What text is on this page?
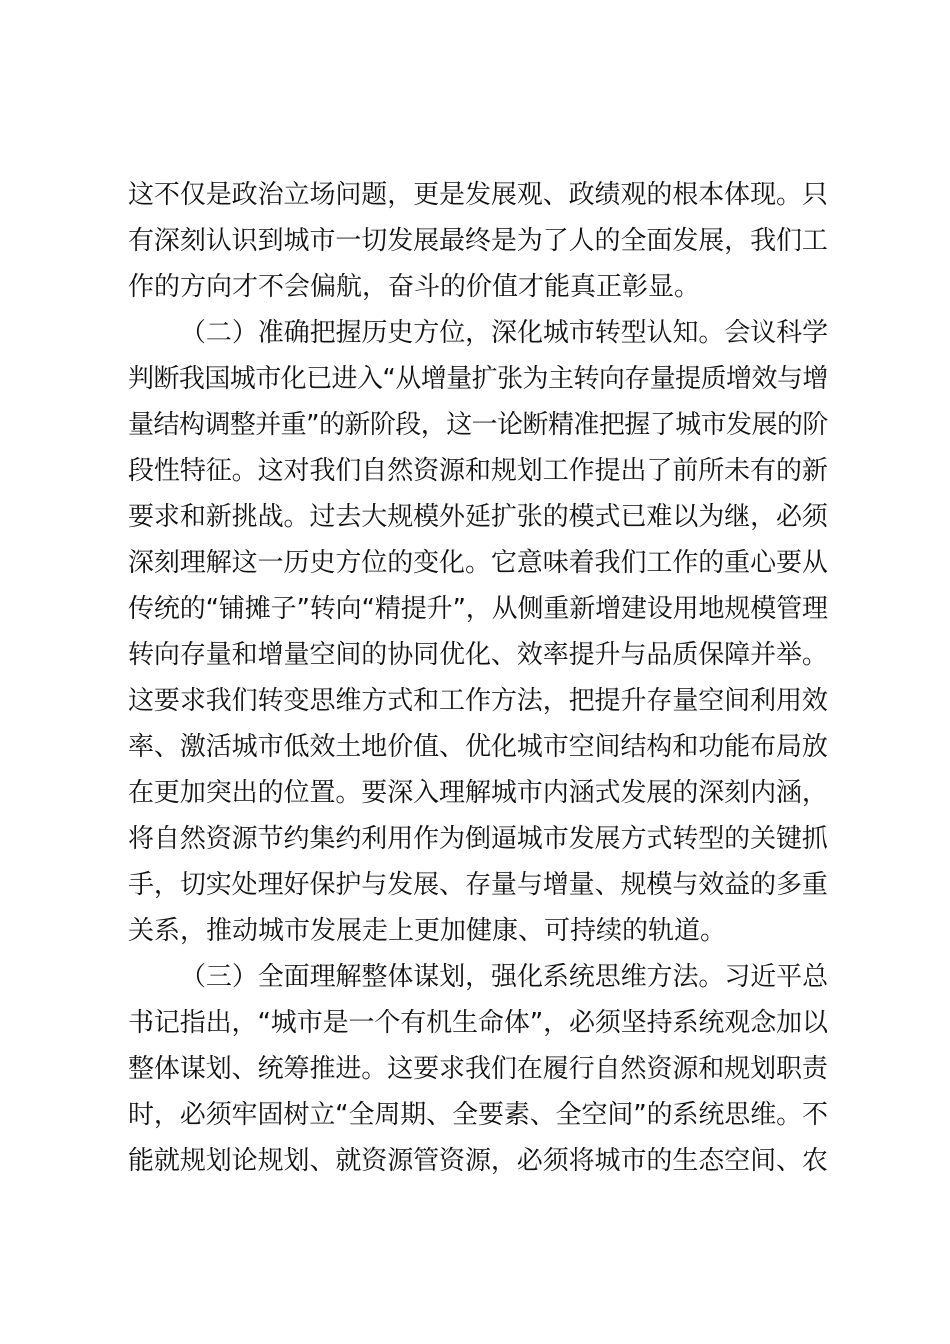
这不仅是政治立场问题，更是发展观、政绩观的根本体现。只

有深刻认识到城市一切发展最终是为了人的全面发展，我们工

作的方向才不会偏航，奋斗的价值才能真正彰显。

（二）准确把握历史方位，深化城市转型认知。会议科学

判断我国城市化已进入“从增量扩张为主转向存量提质增效与增

量结构调整并重”的新阶段，这一论断精准把握了城市发展的阶

段性特征。这对我们自然资源和规划工作提出了前所未有的新

要求和新挑战。过去大规模外延扩张的模式已难以为继，必须

深刻理解这一历史方位的变化。它意味着我们工作的重心要从

传统的“铺摊子”转向“精提升”，从侧重新增建设用地规模管理

转向存量和增量空间的协同优化、效率提升与品质保障并举。

这要求我们转变思维方式和工作方法，把提升存量空间利用效

率、激活城市低效土地价值、优化城市空间结构和功能布局放

在更加突出的位置。要深入理解城市内涵式发展的深刻内涵，

将自然资源节约集约利用作为倒逼城市发展方式转型的关键抓

手，切实处理好保护与发展、存量与增量、规模与效益的多重

关系，推动城市发展走上更加健康、可持续的轨道。

（三）全面理解整体谋划，强化系统思维方法。习近平总

书记指出，“城市是一个有机生命体”，必须坚持系统观念加以

整体谋划、统筹推进。这要求我们在履行自然资源和规划职责

时，必须牢固树立“全周期、全要素、全空间”的系统思维。不

能就规划论规划、就资源管资源，必须将城市的生态空间、农
